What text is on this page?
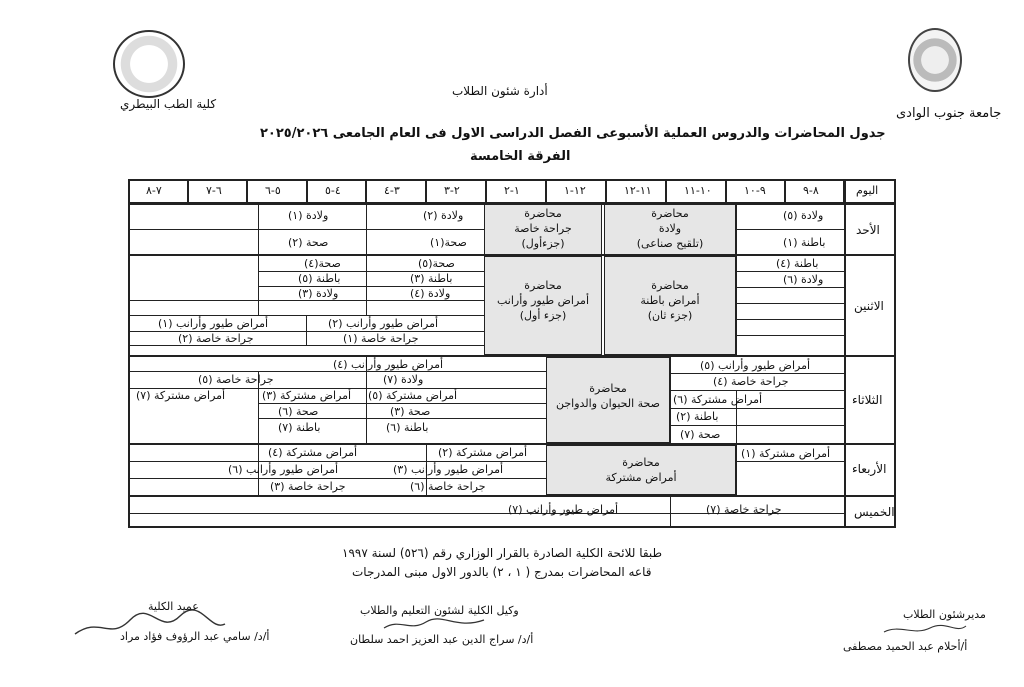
كلية الطب البيطري
جامعة جنوب الوادى
أدارة شئون الطلاب
جدول المحاضرات والدروس العملية الأسبوعى الفصل الدراسى الاول فى العام الجامعى ٢٠٢٥/٢٠٢٦
الفرقة الخامسة
اليوم
الأحد
الاثنين
الثلاثاء
الأربعاء
الخميس
محاضرة
ولادة
(تلقيح صناعى)
محاضرة
جراحة خاصة
(جزءأول)
ولادة (٥)
باطنة (١)
ولادة (٢)
صحة(١)
ولادة (١)
صحة (٢)
محاضرة
أمراض باطنة
(جزء ثان)
محاضرة
أمراض طيور وأرانب
(جزء أول)
باطنة (٤)
ولادة (٦)
صحة(٥)
باطنة (٣)
ولادة (٤)
صحة(٤)
باطنة (٥)
ولادة (٣)
أمراض طيور وأرانب (٢)
أمراض طيور وأرانب (١)
جراحة خاصة (١)
جراحة خاصة (٢)
محاضرة
صحة الحيوان والدواجن
أمراض طيور وأرانب (٥)
جراحة خاصة (٤)
أمراض مشتركة (٦)
باطنة (٢)
صحة (٧)
أمراض طيور وأرانب (٤)
ولادة (٧)
أمراض مشتركة (٥)
صحة (٣)
باطنة (٦)
جراحة خاصة (٥)
أمراض مشتركة (٣)
صحة (٦)
باطنة (٧)
أمراض مشتركة (٧)
محاضرة
أمراض مشتركة
أمراض مشتركة (١)
أمراض مشتركة (٢)
أمراض طيور وأرانب (٣)
جراحة خاصة (٦)
أمراض مشتركة (٤)
أمراض طيور وأرانب (٦)
جراحة خاصة (٣)
جراحة خاصة (٧)
أمراض طيور وأرانب (٧)
٨-٩
٩-١٠
١٠-١١
١١-١٢
١٢-١
١-٢
٢-٣
٣-٤
٤-٥
٥-٦
٦-٧
٧-٨
طبقا للائحة الكلية الصادرة بالقرار الوزاري رقم (٥٢٦) لسنة ١٩٩٧
قاعه المحاضرات بمدرج ( ١ ، ٢) بالدور الاول مبنى المدرجات
عميد الكلية
أ/د/ سامي عبد الرؤوف فؤاد مراد
وكيل الكلية لشئون التعليم والطلاب
أ/د/ سراج الدين عبد العزيز احمد سلطان
مديرشئون الطلاب
أ/أحلام عبد الحميد مصطفى
